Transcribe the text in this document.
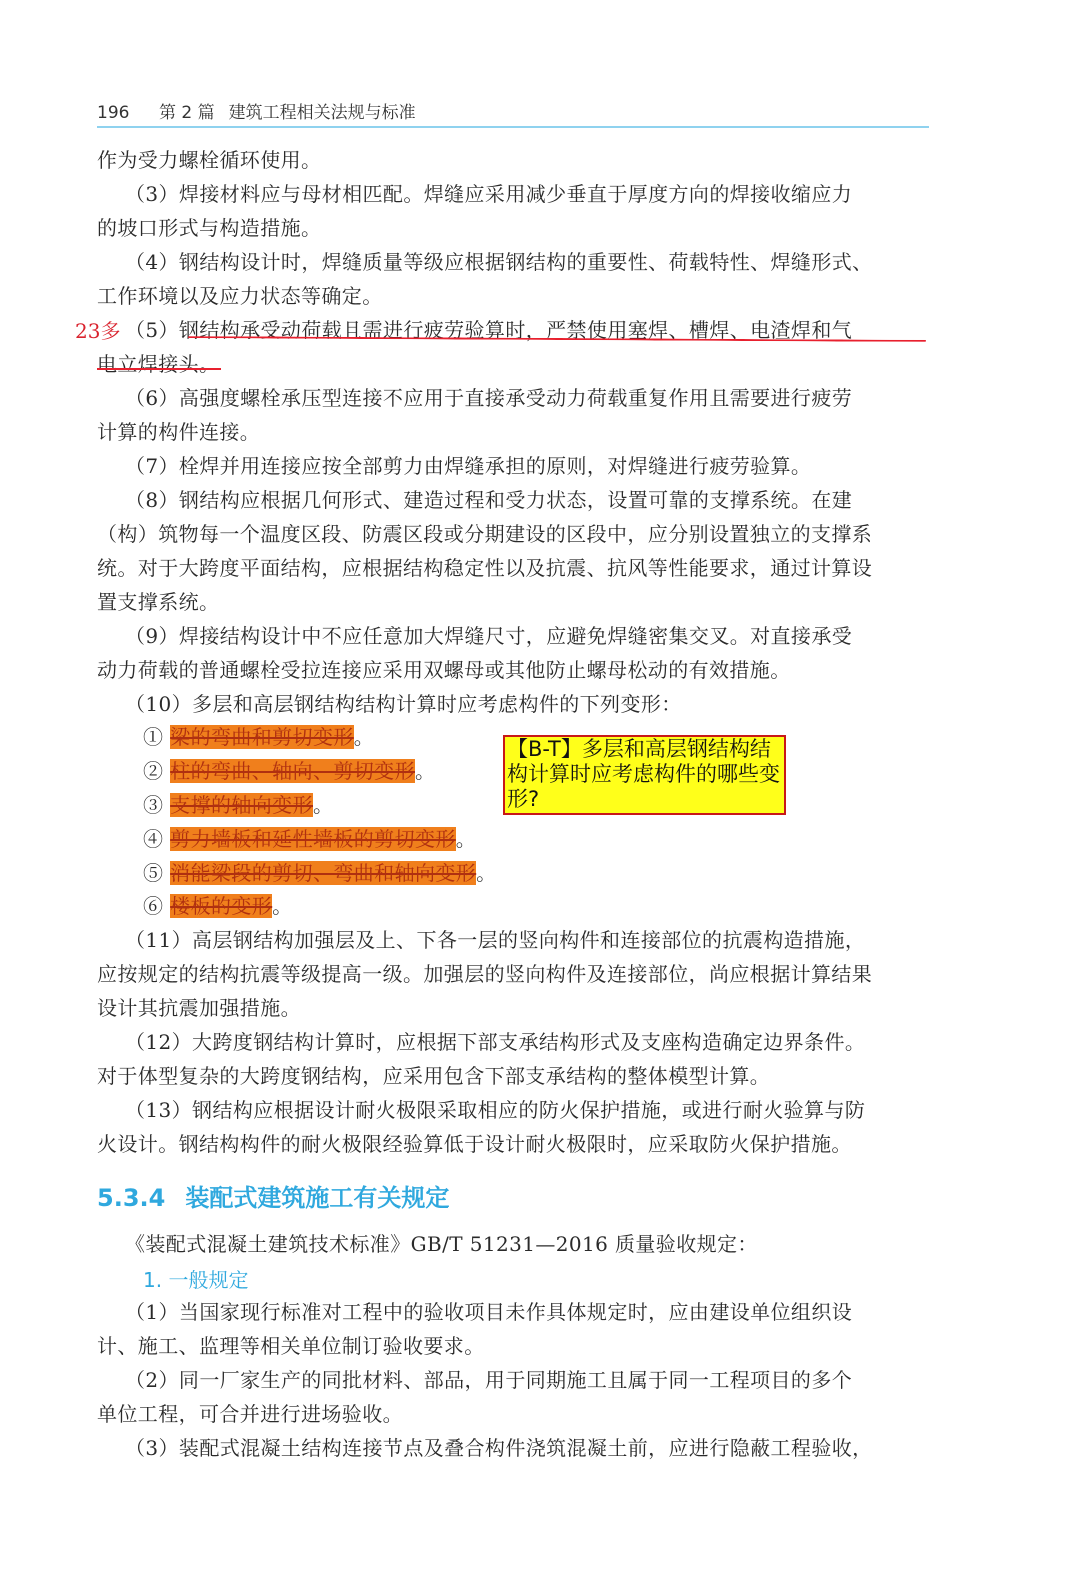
196 第 2 篇 建筑工程相关法规与标准
作为受力螺栓循环使用。
（3）焊接材料应与母材相匹配。焊缝应采用减少垂直于厚度方向的焊接收缩应力
的坡口形式与构造措施。
（4）钢结构设计时，焊缝质量等级应根据钢结构的重要性、荷载特性、焊缝形式、
工作环境以及应力状态等确定。
23多 （5）钢结构承受动荷载且需进行疲劳验算时，严禁使用塞焊、槽焊、电渣焊和气
电立焊接头。
（6）高强度螺栓承压型连接不应用于直接承受动力荷载重复作用且需要进行疲劳
计算的构件连接。
（7）栓焊并用连接应按全部剪力由焊缝承担的原则，对焊缝进行疲劳验算。
（8）钢结构应根据几何形式、建造过程和受力状态，设置可靠的支撑系统。在建
（构）筑物每一个温度区段、防震区段或分期建设的区段中，应分别设置独立的支撑系
统。对于大跨度平面结构，应根据结构稳定性以及抗震、抗风等性能要求，通过计算设
置支撑系统。
（9）焊接结构设计中不应任意加大焊缝尺寸，应避免焊缝密集交叉。对直接承受
动力荷载的普通螺栓受拉连接应采用双螺母或其他防止螺母松动的有效措施。
（10）多层和高层钢结构结构计算时应考虑构件的下列变形：
① 梁的弯曲和剪切变形。
② 柱的弯曲、轴向、剪切变形。
③ 支撑的轴向变形。
④ 剪力墙板和延性墙板的剪切变形。
⑤ 消能梁段的剪切、弯曲和轴向变形。
⑥ 楼板的变形。
【B-T】多层和高层钢结构结构计算时应考虑构件的哪些变形?
（11）高层钢结构加强层及上、下各一层的竖向构件和连接部位的抗震构造措施，
应按规定的结构抗震等级提高一级。加强层的竖向构件及连接部位，尚应根据计算结果
设计其抗震加强措施。
（12）大跨度钢结构计算时，应根据下部支承结构形式及支座构造确定边界条件。
对于体型复杂的大跨度钢结构，应采用包含下部支承结构的整体模型计算。
（13）钢结构应根据设计耐火极限采取相应的防火保护措施，或进行耐火验算与防
火设计。钢结构构件的耐火极限经验算低于设计耐火极限时，应采取防火保护措施。
5.3.4 装配式建筑施工有关规定
《装配式混凝土建筑技术标准》GB/T 51231—2016 质量验收规定：
1. 一般规定
（1）当国家现行标准对工程中的验收项目未作具体规定时，应由建设单位组织设
计、施工、监理等相关单位制订验收要求。
（2）同一厂家生产的同批材料、部品，用于同期施工且属于同一工程项目的多个
单位工程，可合并进行进场验收。
（3）装配式混凝土结构连接节点及叠合构件浇筑混凝土前，应进行隐蔽工程验收，
